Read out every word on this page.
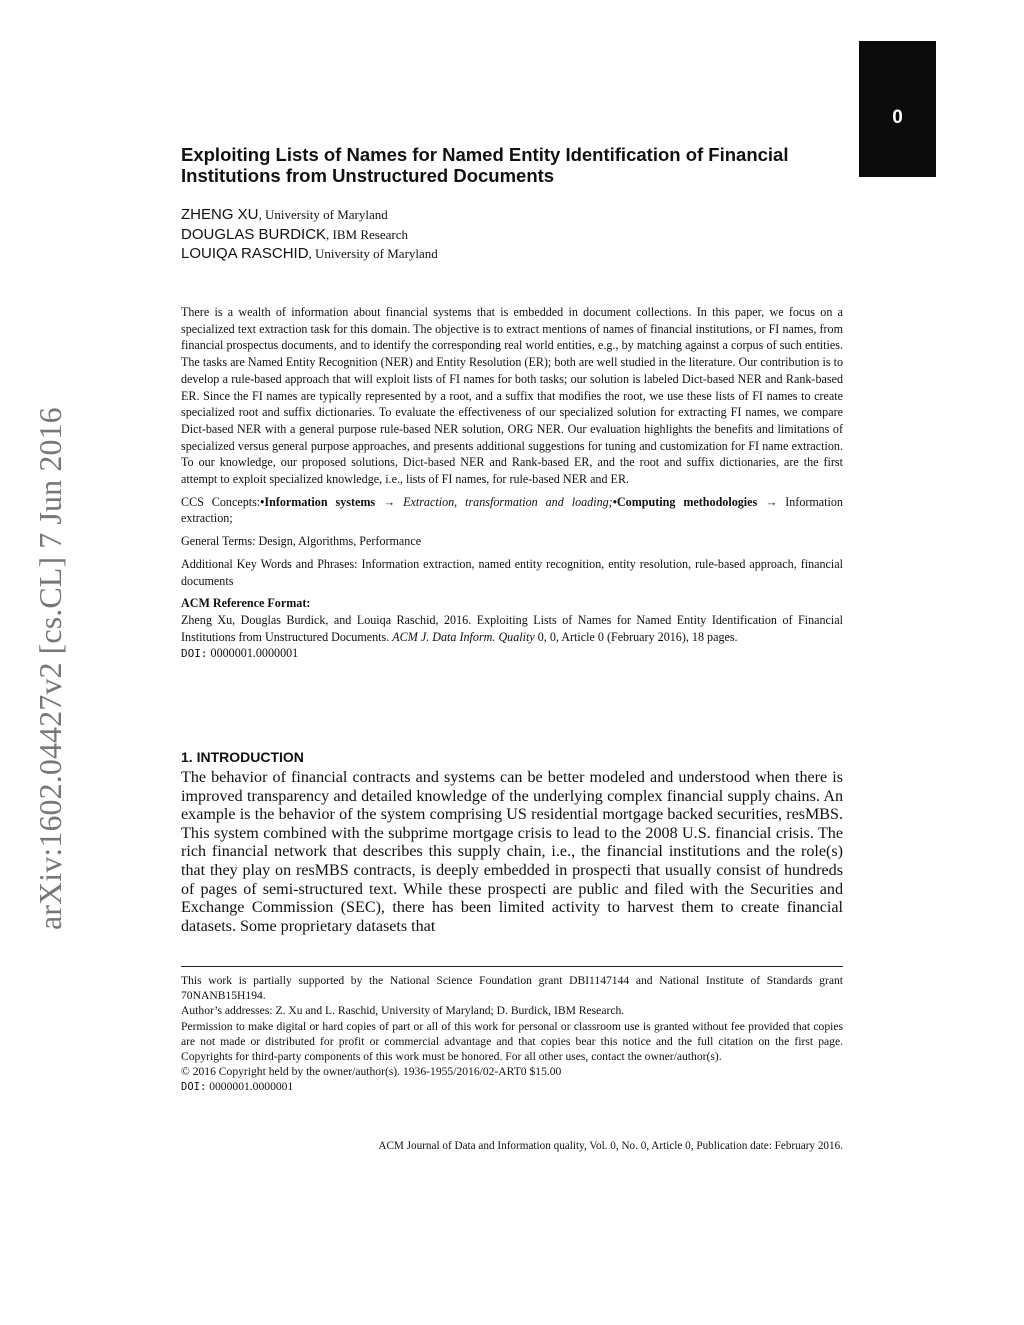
0
arXiv:1602.04427v2 [cs.CL] 7 Jun 2016
Exploiting Lists of Names for Named Entity Identification of Financial Institutions from Unstructured Documents
ZHENG XU, University of Maryland
DOUGLAS BURDICK, IBM Research
LOUIQA RASCHID, University of Maryland

There is a wealth of information about financial systems that is embedded in document collections. In this paper, we focus on a specialized text extraction task for this domain. The objective is to extract mentions of names of financial institutions, or FI names, from financial prospectus documents, and to identify the corresponding real world entities, e.g., by matching against a corpus of such entities. The tasks are Named Entity Recognition (NER) and Entity Resolution (ER); both are well studied in the literature. Our contribution is to develop a rule-based approach that will exploit lists of FI names for both tasks; our solution is labeled Dict-based NER and Rank-based ER. Since the FI names are typically represented by a root, and a suffix that modifies the root, we use these lists of FI names to create specialized root and suffix dictionaries. To evaluate the effectiveness of our specialized solution for extracting FI names, we compare Dict-based NER with a general purpose rule-based NER solution, ORG NER. Our evaluation highlights the benefits and limitations of specialized versus general purpose approaches, and presents additional suggestions for tuning and customization for FI name extraction. To our knowledge, our proposed solutions, Dict-based NER and Rank-based ER, and the root and suffix dictionaries, are the first attempt to exploit specialized knowledge, i.e., lists of FI names, for rule-based NER and ER.

CCS Concepts:•Information systems → Extraction, transformation and loading;•Computing methodologies → Information extraction;

General Terms: Design, Algorithms, Performance

Additional Key Words and Phrases: Information extraction, named entity recognition, entity resolution, rule-based approach, financial documents

ACM Reference Format:

Zheng Xu, Douglas Burdick, and Louiqa Raschid, 2016. Exploiting Lists of Names for Named Entity Identification of Financial Institutions from Unstructured Documents. ACM J. Data Inform. Quality 0, 0, Article 0 (February 2016), 18 pages.
DOI: 0000001.0000001

1. INTRODUCTION

The behavior of financial contracts and systems can be better modeled and understood when there is improved transparency and detailed knowledge of the underlying complex financial supply chains. An example is the behavior of the system comprising US residential mortgage backed securities, resMBS. This system combined with the subprime mortgage crisis to lead to the 2008 U.S. financial crisis. The rich financial network that describes this supply chain, i.e., the financial institutions and the role(s) that they play on resMBS contracts, is deeply embedded in prospecti that usually consist of hundreds of pages of semi-structured text. While these prospecti are public and filed with the Securities and Exchange Commission (SEC), there has been limited activity to harvest them to create financial datasets. Some proprietary datasets that

This work is partially supported by the National Science Foundation grant DBI1147144 and National Institute of Standards grant 70NANB15H194.

Author’s addresses: Z. Xu and L. Raschid, University of Maryland; D. Burdick, IBM Research.

Permission to make digital or hard copies of part or all of this work for personal or classroom use is granted without fee provided that copies are not made or distributed for profit or commercial advantage and that copies bear this notice and the full citation on the first page. Copyrights for third-party components of this work must be honored. For all other uses, contact the owner/author(s).

© 2016 Copyright held by the owner/author(s). 1936-1955/2016/02-ART0 $15.00

DOI: 0000001.0000001

ACM Journal of Data and Information quality, Vol. 0, No. 0, Article 0, Publication date: February 2016.
